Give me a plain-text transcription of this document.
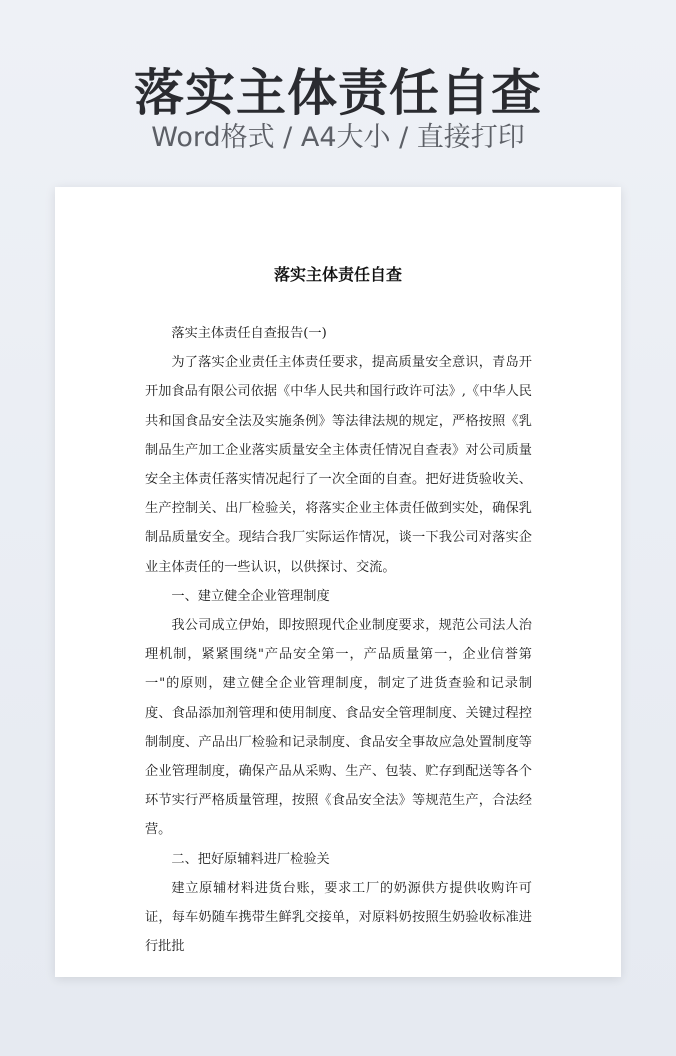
落实主体责任自查
Word格式 / A4大小 / 直接打印
落实主体责任自查

落实主体责任自查报告(一)

为了落实企业责任主体责任要求，提高质量安全意识，青岛开开加食品有限公司依据《中华人民共和国行政许可法》,《中华人民共和国食品安全法及实施条例》等法律法规的规定，严格按照《乳制品生产加工企业落实质量安全主体责任情况自查表》对公司质量安全主体责任落实情况起行了一次全面的自查。把好进货验收关、生产控制关、出厂检验关，将落实企业主体责任做到实处，确保乳制品质量安全。现结合我厂实际运作情况，谈一下我公司对落实企业主体责任的一些认识，以供探讨、交流。

一、建立健全企业管理制度

我公司成立伊始，即按照现代企业制度要求，规范公司法人治理机制，紧紧围绕"产品安全第一，产品质量第一，企业信誉第一"的原则，建立健全企业管理制度，制定了进货查验和记录制度、食品添加剂管理和使用制度、食品安全管理制度、关键过程控制制度、产品出厂检验和记录制度、食品安全事故应急处置制度等企业管理制度，确保产品从采购、生产、包装、贮存到配送等各个环节实行严格质量管理，按照《食品安全法》等规范生产，合法经营。

二、把好原辅料进厂检验关

建立原辅材料进货台账，要求工厂的奶源供方提供收购许可证，每车奶随车携带生鲜乳交接单，对原料奶按照生奶验收标准进行批批
